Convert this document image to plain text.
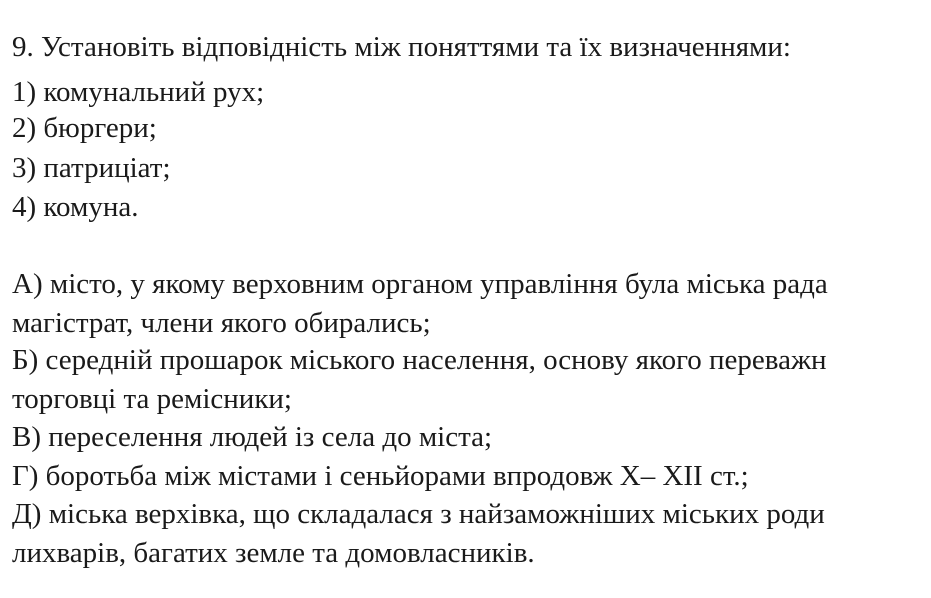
9. Установіть відповідність між поняттями та їх визначеннями:
1) комунальний рух;
2) бюргери;
3) патриціат;
4) комуна.
А) місто, у якому верховним органом управління була міська рада
магістрат, члени якого обирались;
Б) середній прошарок міського населення, основу якого переважн
торговці та ремісники;
В) переселення людей із села до міста;
Г) боротьба між містами і сеньйорами впродовж X– XII ст.;
Д) міська верхівка, що складалася з найзаможніших міських роди
лихварів, багатих земле та домовласників.
